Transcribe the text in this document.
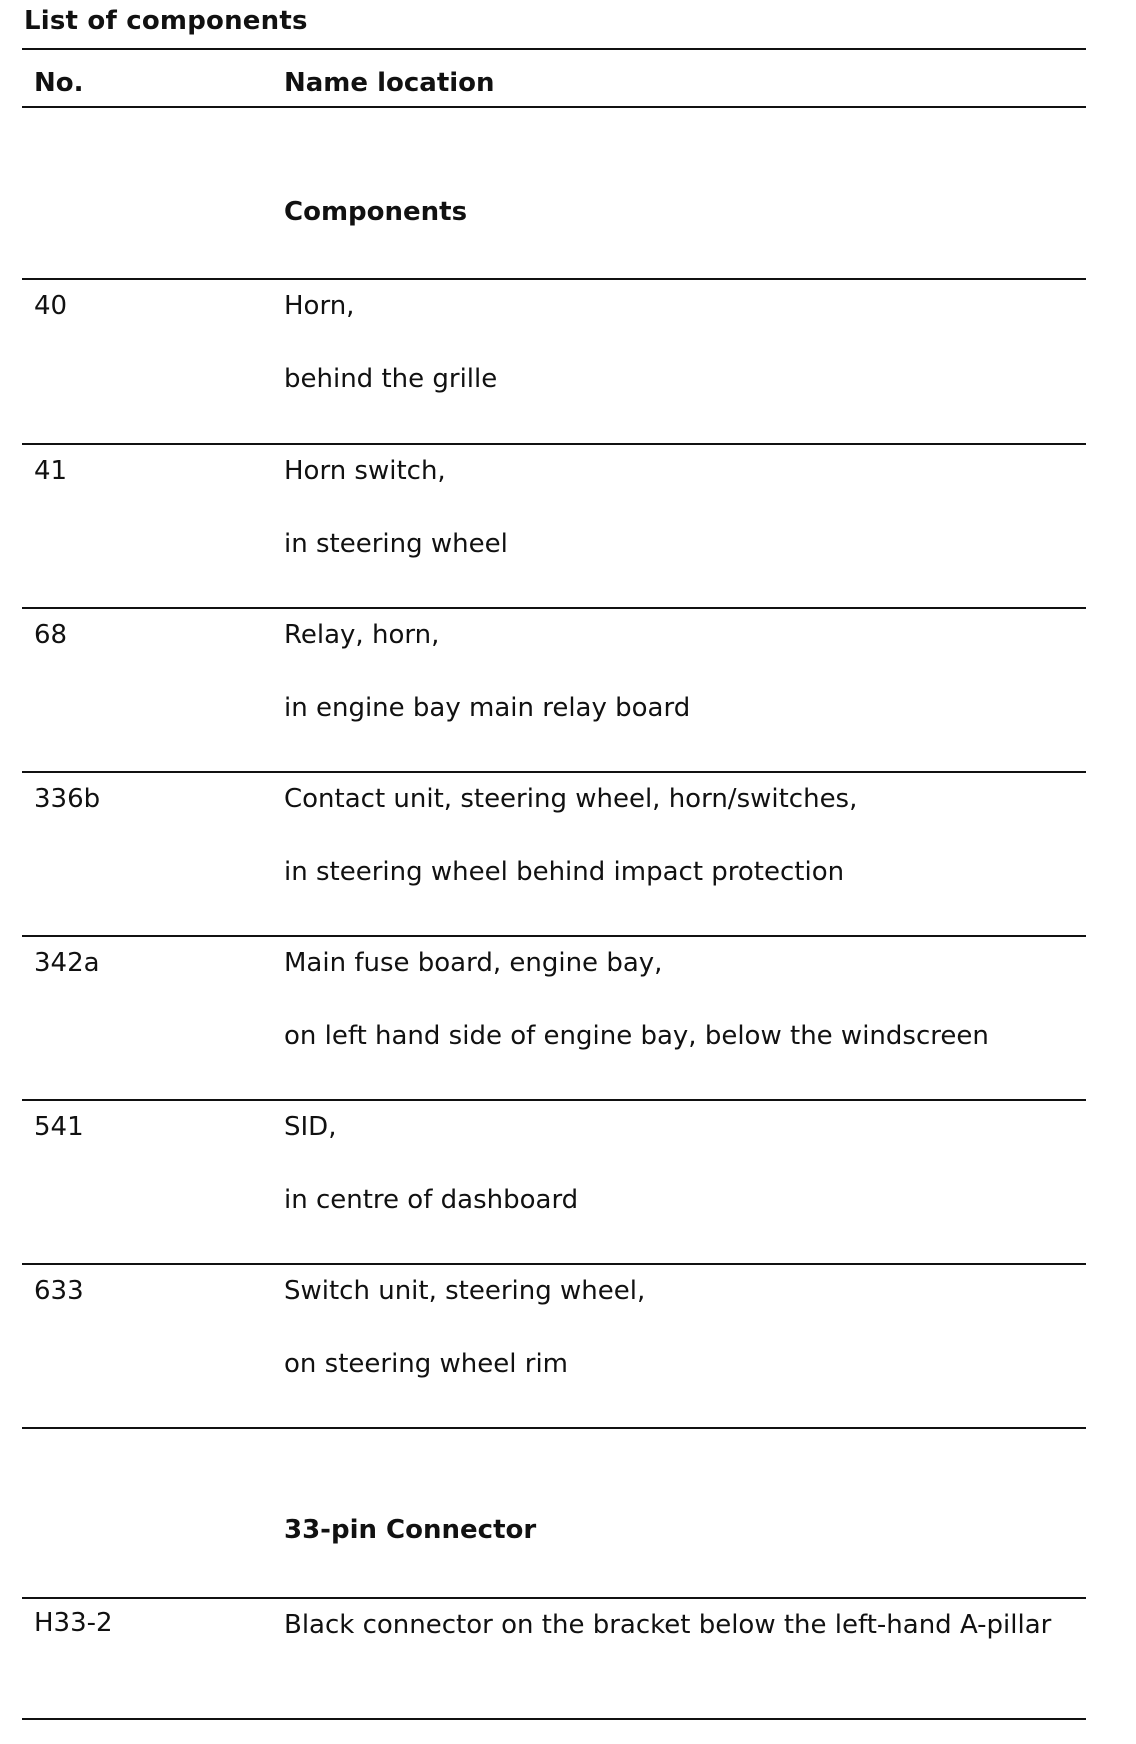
List of components
No.	Name location
Components
40	Horn,
behind the grille
41	Horn switch,
in steering wheel
68	Relay, horn,
in engine bay main relay board
336b	Contact unit, steering wheel, horn/switches,
in steering wheel behind impact protection
342a	Main fuse board, engine bay,
on left hand side of engine bay, below the windscreen
541	SID,
in centre of dashboard
633	Switch unit, steering wheel,
on steering wheel rim
33-pin Connector
H33-2	Black connector on the bracket below the left-hand A-pillar
